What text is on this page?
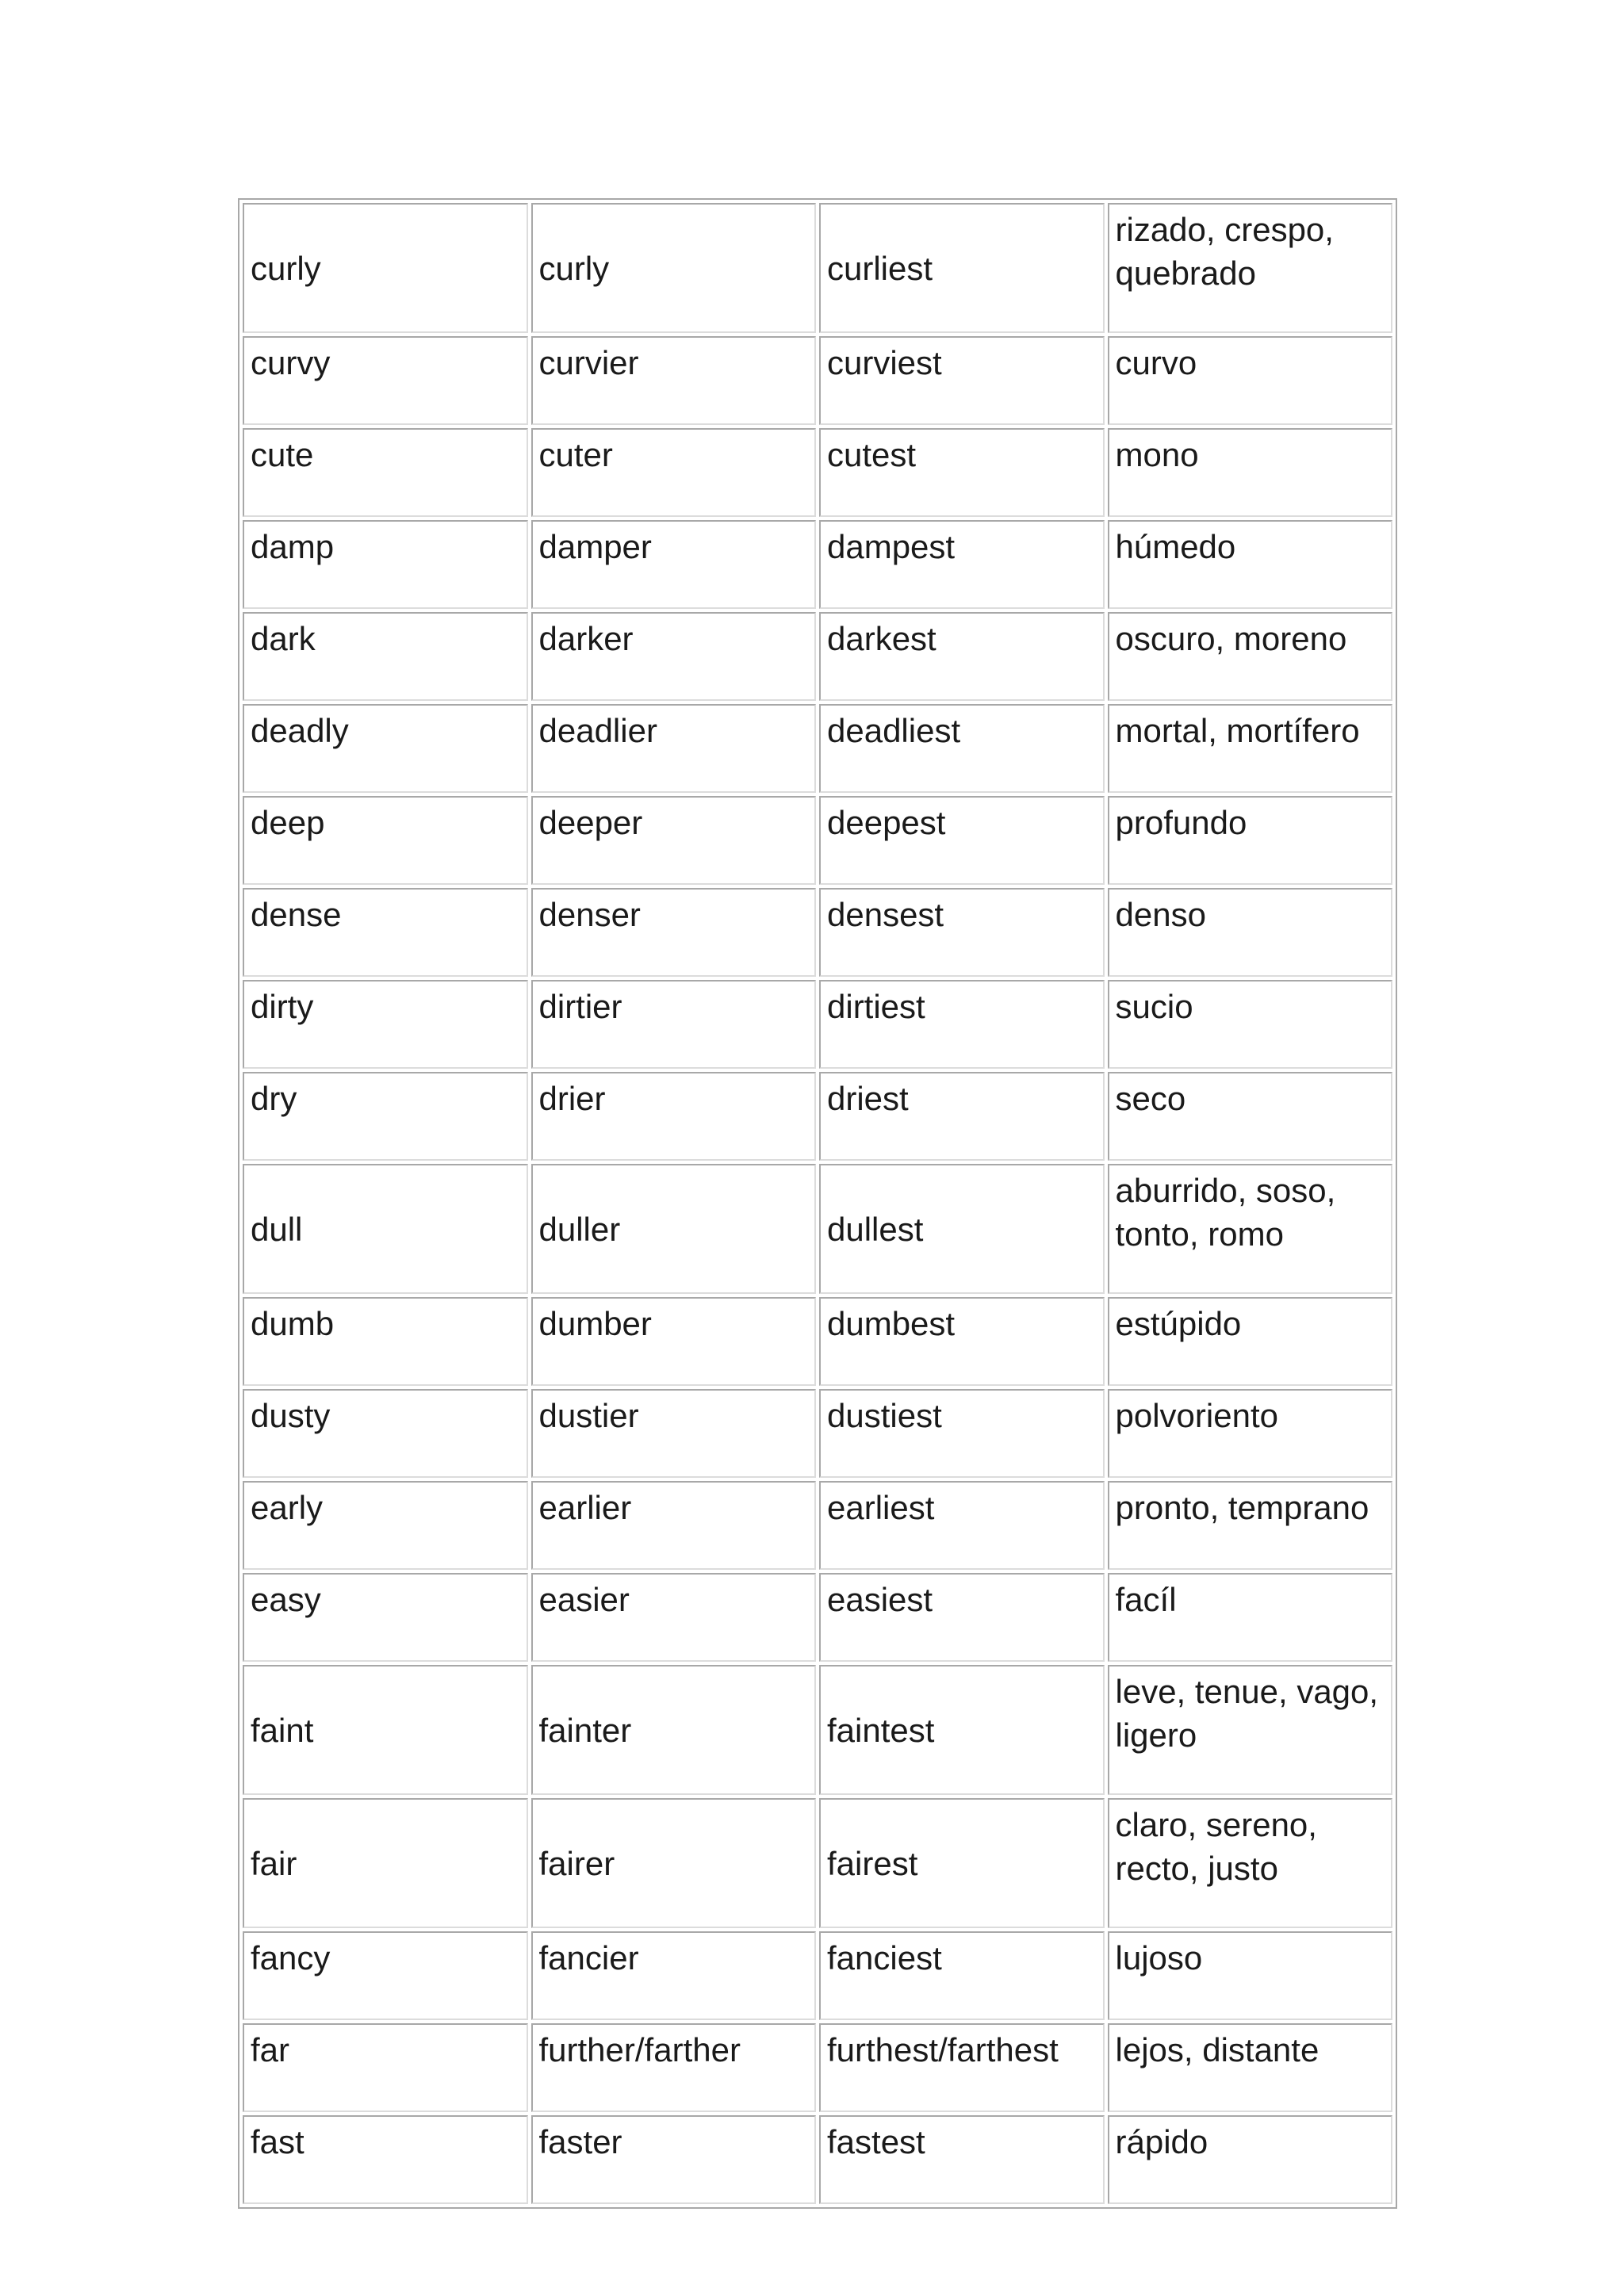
curly	curly	curliest	rizado, crespo, quebrado
curvy	curvier	curviest	curvo
cute	cuter	cutest	mono
damp	damper	dampest	húmedo
dark	darker	darkest	oscuro, moreno
deadly	deadlier	deadliest	mortal, mortífero
deep	deeper	deepest	profundo
dense	denser	densest	denso
dirty	dirtier	dirtiest	sucio
dry	drier	driest	seco
dull	duller	dullest	aburrido, soso, tonto, romo
dumb	dumber	dumbest	estúpido
dusty	dustier	dustiest	polvoriento
early	earlier	earliest	pronto, temprano
easy	easier	easiest	facíl
faint	fainter	faintest	leve, tenue, vago, ligero
fair	fairer	fairest	claro, sereno, recto, justo
fancy	fancier	fanciest	lujoso
far	further/farther	furthest/farthest	lejos, distante
fast	faster	fastest	rápido
